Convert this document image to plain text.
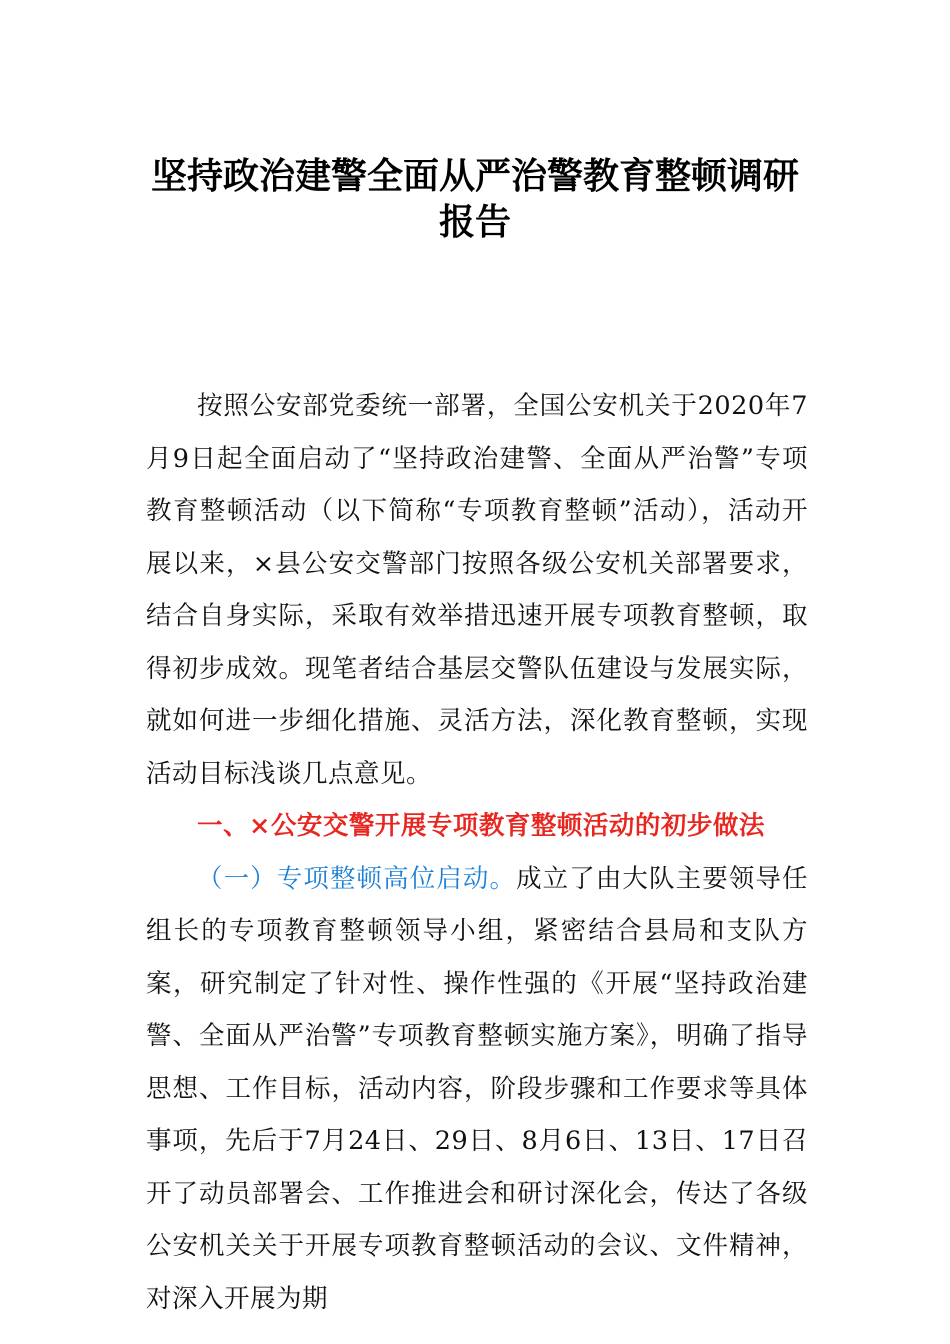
坚持政治建警全面从严治警教育整顿调研
报告

按照公安部党委统一部署，全国公安机关于2020年7月9日起全面启动了“坚持政治建警、全面从严治警”专项教育整顿活动（以下简称“专项教育整顿”活动），活动开展以来，×县公安交警部门按照各级公安机关部署要求，结合自身实际，采取有效举措迅速开展专项教育整顿，取得初步成效。现笔者结合基层交警队伍建设与发展实际，就如何进一步细化措施、灵活方法，深化教育整顿，实现活动目标浅谈几点意见。

一、×公安交警开展专项教育整顿活动的初步做法

（一）专项整顿高位启动。成立了由大队主要领导任组长的专项教育整顿领导小组，紧密结合县局和支队方案，研究制定了针对性、操作性强的《开展“坚持政治建警、全面从严治警”专项教育整顿实施方案》，明确了指导思想、工作目标，活动内容，阶段步骤和工作要求等具体事项，先后于7月24日、29日、8月6日、13日、17日召开了动员部署会、工作推进会和研讨深化会，传达了各级公安机关关于开展专项教育整顿活动的会议、文件精神，对深入开展为期
